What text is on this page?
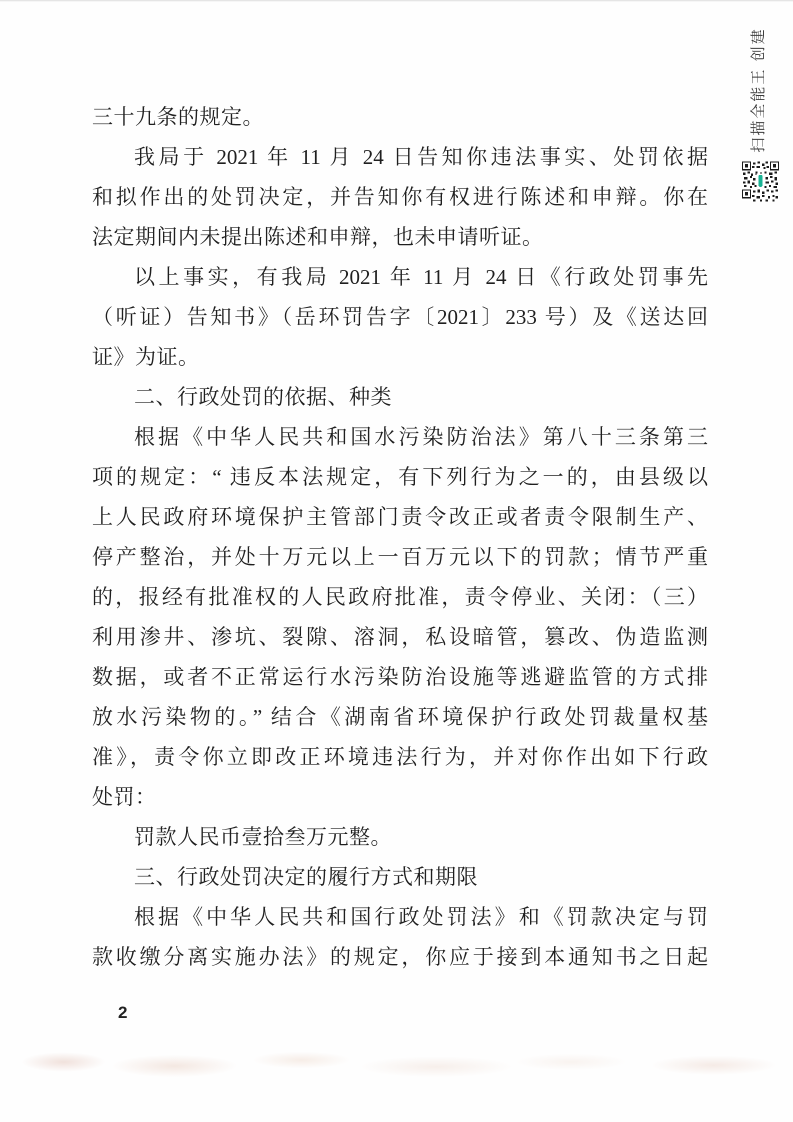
三十九条的规定。
我局于 2021 年 11 月 24 日告知你违法事实、处罚依据
和拟作出的处罚决定，并告知你有权进行陈述和申辩。你在
法定期间内未提出陈述和申辩，也未申请听证。
以上事实，有我局 2021 年 11 月 24 日《行政处罚事先
（听证）告知书》（岳环罚告字〔2021〕233 号）及《送达回
证》为证。
二、行政处罚的依据、种类
根据《中华人民共和国水污染防治法》第八十三条第三
项的规定：“ 违反本法规定，有下列行为之一的，由县级以
上人民政府环境保护主管部门责令改正或者责令限制生产、
停产整治，并处十万元以上一百万元以下的罚款；情节严重
的，报经有批准权的人民政府批准，责令停业、关闭：（三）
利用渗井、渗坑、裂隙、溶洞，私设暗管，篡改、伪造监测
数据，或者不正常运行水污染防治设施等逃避监管的方式排
放水污染物的。” 结合《湖南省环境保护行政处罚裁量权基
准》，责令你立即改正环境违法行为，并对你作出如下行政
处罚：
罚款人民币壹拾叁万元整。
三、行政处罚决定的履行方式和期限
根据《中华人民共和国行政处罚法》和《罚款决定与罚
款收缴分离实施办法》的规定，你应于接到本通知书之日起
2
扫描全能王 创建
